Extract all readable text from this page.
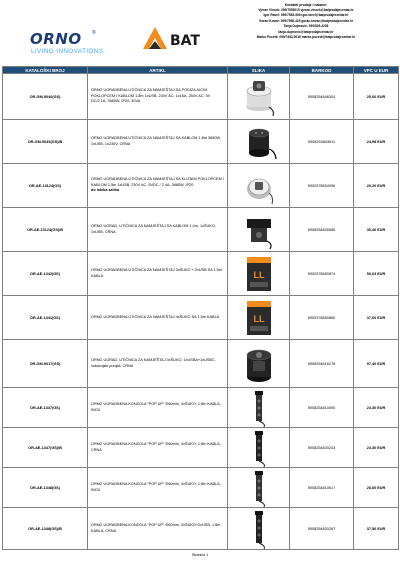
ORNO ®
LIVING INNOVATIONS
BAT
Kontakti prodaje i nabave:
Vjeran Vincek: 099/7553015 vjeran.vincek@batprodajecentar.hr
Igor Ravel: 099/7553-508 igor.ravel@batprodajecentar.hr
Goran Kovač: 099/7098-425 goran.kovac@batprodajecentar.hr
Tanja Dujmović: 099/529-4236
tanja.dujmovic@batprodajecentar.hr
Marko Pocedi: 099/7453-0016 marko.pocedi@batprodajecentar.hr
KATALOŠKI BROJ	ARTIKL	SLIKA	BARKOD	VPC U EUR
OR-GM-9040(GS)	ORNO UGRADBENA UTIČNICA ZA NAMJEŠTAJ SA PODIZAJUĆIM POKLOPCEM I KABLOM 1,8m 1xUSB, 230V AC, 1x16A, 250V AC, 5V DC/2,1A, 3680W, IP20, 30VA		5908254846304	25,60 EUR
OR-GM-9049(GS)/B	ORNO UGRADBENA UTIČNICA ZA NAMJEŠTAJ SA KABLOM 1,8m 3680W, 1xUSB, 1x230V, CRNA		5908254843611	24,98 EUR
OR-AE-13124(GS)	ORNO UGRADBENA UTIČNICA ZA NAMJEŠTAJ SA KLIZNIM POKLOPCEM I KABLOM 1,5m 1xUSB, 230V AC, 5VDC / 2,4A, 3680W, IP20
do isteka zaliha		5900378654096	20,20 EUR
OR-AE-13124(GS)/B	ORNO UGRAD. UTIČNICA ZA NAMJEŠTAJ SA KABLOM 1,0m, 1xŠUKO, 1xUSB, CRNA		5908254828085	30,40 EUR
OR-AE-1342(GS)	ORNO UGRADBENA UTIČNICA ZA NAMJEŠTAJ 3xŠUKO + 2xUSB SA 1,5m KABLA	LL	5900378650874	50,63 EUR
OR-AE-1341(GS)	ORNO UGRADBENA UTIČNICA ZA NAMJEŠTAJ 4xŠUKO SA 1,5m KABLA	LL	5900378650850	37,60 EUR
OR-GM-9017(GS)	ORNO UGRAD. UTIČNICA ZA NAMJEŠTAJ 3xŠUKO, 1xUSBA+1xUSBC, indukcijski punjač, CRNA		5908254816178	97,40 EUR
OR-AE-1347(GS)	ORNO UGRADBENA KONZOLA "POP UP" Φ60mm, 3xŠUKO, 1,8m KABLA, INOX		5908254810090	23,30 EUR
OR-AE-1347(GS)/B	ORNO UGRADBENA KONZOLA "POP UP" Φ60mm, 3xŠUKO, 1,8m KABLA, CRNA		5908254820243	23,30 EUR
OR-AE-1348(GS)	ORNO UGRADBENA KONZOLA "POP UP" Φ60mm, 3xŠUKO, 1,8m KABLA, INOX		5908254810617	26,60 EUR
OR-AE-1348(GS)/B	ORNO UGRADBENA KONZOLA "POP UP" Φ60mm, 3xŠUKO+2xUSB, 1,8m KABLA, CRNA		5908254820267	37,50 EUR
Stranica 1
